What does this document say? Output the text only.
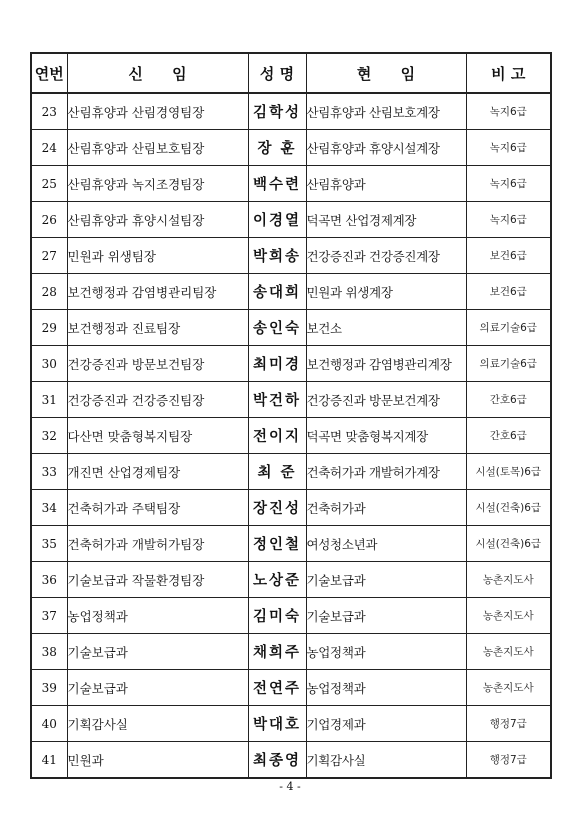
연번	신 임	성 명	현 임	비 고
23	산림휴양과 산림경영팀장	김학성	산림휴양과 산림보호계장	녹지6급
24	산림휴양과 산림보호팀장	장 훈	산림휴양과 휴양시설계장	녹지6급
25	산림휴양과 녹지조경팀장	백수련	산림휴양과	녹지6급
26	산림휴양과 휴양시설팀장	이경열	덕곡면 산업경제계장	녹지6급
27	민원과 위생팀장	박희송	건강증진과 건강증진계장	보건6급
28	보건행정과 감염병관리팀장	송대희	민원과 위생계장	보건6급
29	보건행정과 진료팀장	송인숙	보건소	의료기술6급
30	건강증진과 방문보건팀장	최미경	보건행정과 감염병관리계장	의료기술6급
31	건강증진과 건강증진팀장	박건하	건강증진과 방문보건계장	간호6급
32	다산면 맞춤형복지팀장	전이지	덕곡면 맞춤형복지계장	간호6급
33	개진면 산업경제팀장	최 준	건축허가과 개발허가계장	시설(토목)6급
34	건축허가과 주택팀장	장진성	건축허가과	시설(건축)6급
35	건축허가과 개발허가팀장	정인철	여성청소년과	시설(건축)6급
36	기술보급과 작물환경팀장	노상준	기술보급과	농촌지도사
37	농업정책과	김미숙	기술보급과	농촌지도사
38	기술보급과	채희주	농업정책과	농촌지도사
39	기술보급과	전연주	농업정책과	농촌지도사
40	기획감사실	박대호	기업경제과	행정7급
41	민원과	최종영	기획감사실	행정7급
- 4 -
